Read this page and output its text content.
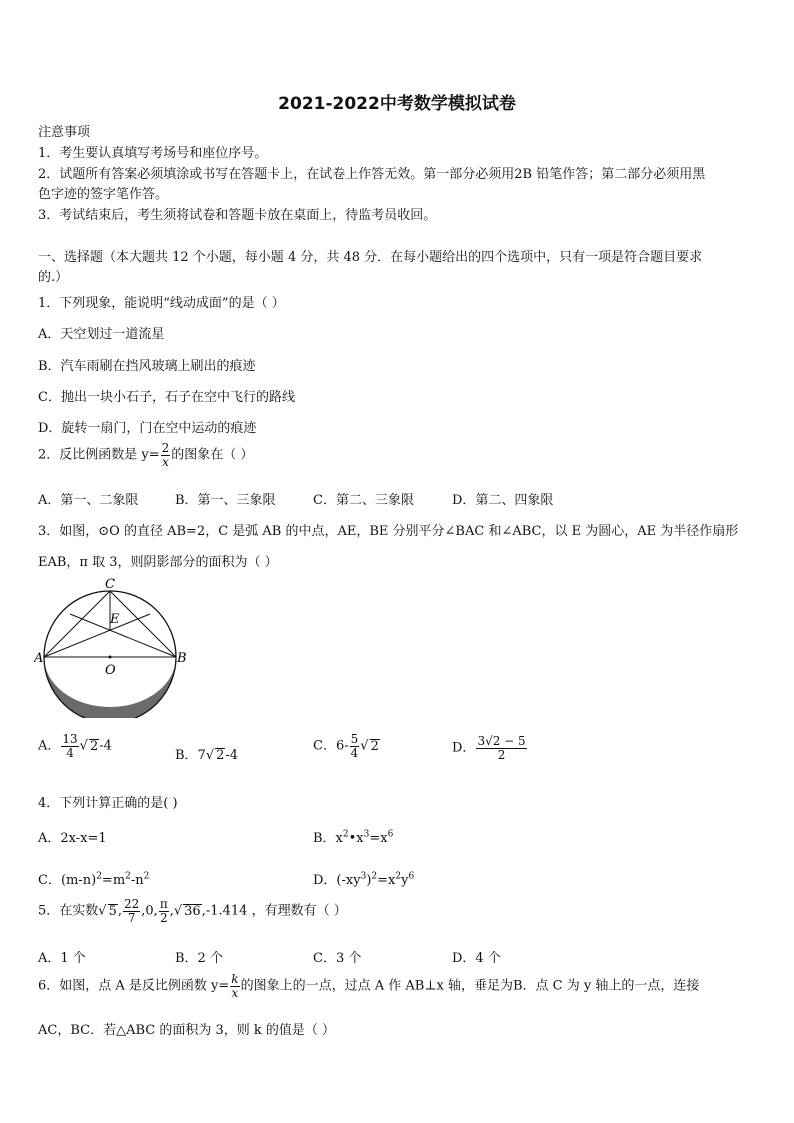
2021-2022中考数学模拟试卷
注意事项
1．考生要认真填写考场号和座位序号。
2．试题所有答案必须填涂或书写在答题卡上，在试卷上作答无效。第一部分必须用2B 铅笔作答；第二部分必须用黑
色字迹的签字笔作答。
3．考试结束后，考生须将试卷和答题卡放在桌面上，待监考员收回。
一、选择题（本大题共 12 个小题，每小题 4 分，共 48 分．在每小题给出的四个选项中，只有一项是符合题目要求
的.）
1．下列现象，能说明“线动成面”的是（ ）
A．天空划过一道流星
B．汽车雨刷在挡风玻璃上刷出的痕迹
C．抛出一块小石子，石子在空中飞行的路线
D．旋转一扇门，门在空中运动的痕迹
2．反比例函数是 $y= \frac{2}{x}$ 的图象在（ ）
A．第一、二象限	B．第一、三象限	C．第二、三象限	D．第二、四象限
3．如图，⊙O 的直径 AB=2，C 是弧 AB 的中点，AE，BE 分别平分∠BAC 和∠ABC，以 E 为圆心，AE 为半径作扇形
EAB，π 取 3，则阴影部分的面积为（ ）
C
E
A
O
B
A． $\frac{13}{4}$ √ 2-4
B．7√ 2-4
C．$6- \frac{5}{4}$ √ 2	D． $\frac{3√2 - 5}{2}$
4．下列计算正确的是( )
A．2x-x=1	B．$x^2•x^3=x^6$
C．$(m-n)^2=m^2-n^2$	D．$(-xy^3)^2=x^2y^6$
5．在实数√ 5, $\frac{22}{7} ,0$, $\frac{\pi}{2}$ ,√ 36,-1.414 ，有理数有（ ）
A．1 个	B．2 个	C．3 个	D．4 个
6．如图，点 A 是反比例函数 $y= \frac{k}{x}$ 的图象上的一点，过点 A 作 AB⊥x 轴，垂足为B．点 C 为 y 轴上的一点，连接
AC，BC．若△ABC 的面积为 3，则 k 的值是（ ）
